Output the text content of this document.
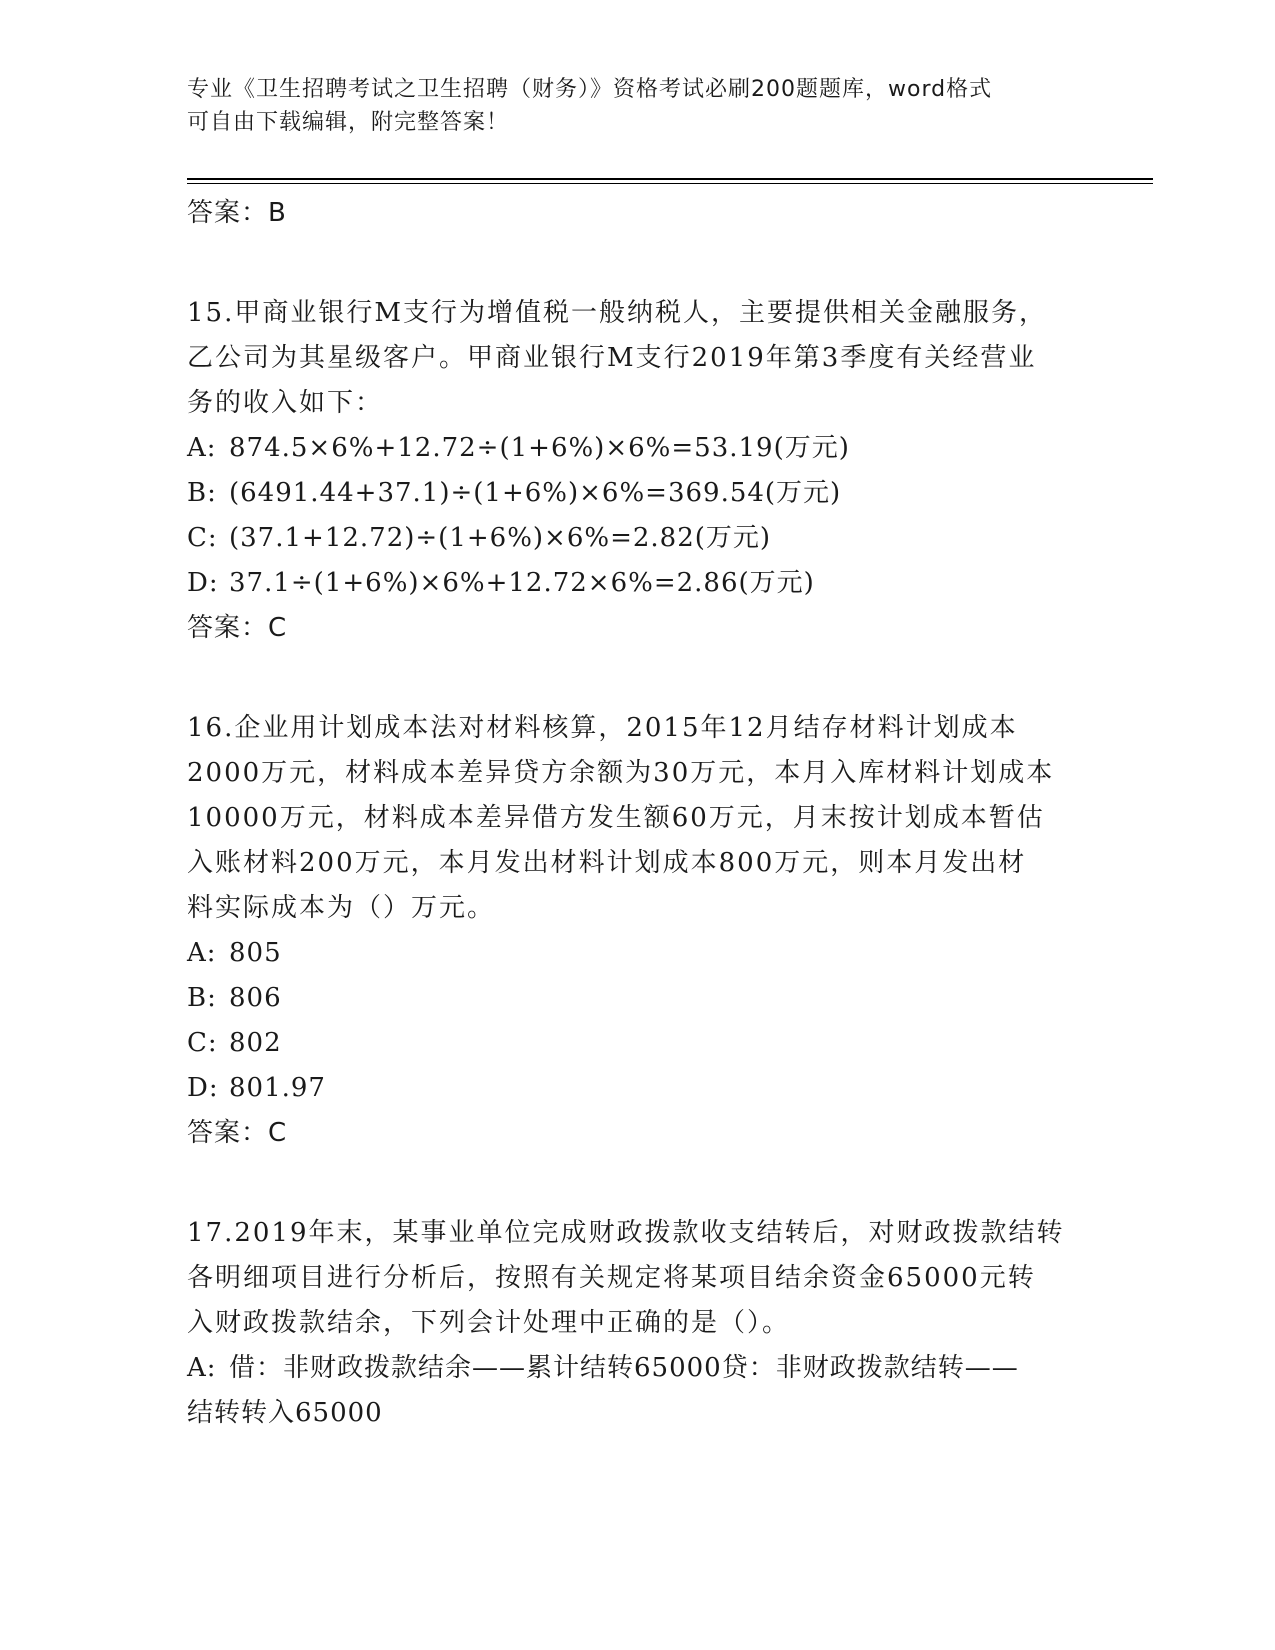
专业《卫生招聘考试之卫生招聘（财务）》资格考试必刷200题题库，word格式
可自由下载编辑，附完整答案！
答案：B
15.甲商业银行M支行为增值税一般纳税人，主要提供相关金融服务，
乙公司为其星级客户。甲商业银行M支行2019年第3季度有关经营业
务的收入如下：
A: 874.5×6%+12.72÷(1+6%)×6%=53.19(万元)
B: (6491.44+37.1)÷(1+6%)×6%=369.54(万元)
C: (37.1+12.72)÷(1+6%)×6%=2.82(万元)
D: 37.1÷(1+6%)×6%+12.72×6%=2.86(万元)
答案：C
16.企业用计划成本法对材料核算，2015年12月结存材料计划成本
2000万元，材料成本差异贷方余额为30万元，本月入库材料计划成本
10000万元，材料成本差异借方发生额60万元，月末按计划成本暂估
入账材料200万元，本月发出材料计划成本800万元，则本月发出材
料实际成本为（）万元。
A: 805
B: 806
C: 802
D: 801.97
答案：C
17.2019年末，某事业单位完成财政拨款收支结转后，对财政拨款结转
各明细项目进行分析后，按照有关规定将某项目结余资金65000元转
入财政拨款结余，下列会计处理中正确的是（）。
A: 借：非财政拨款结余——累计结转65000贷：非财政拨款结转——
结转转入65000
